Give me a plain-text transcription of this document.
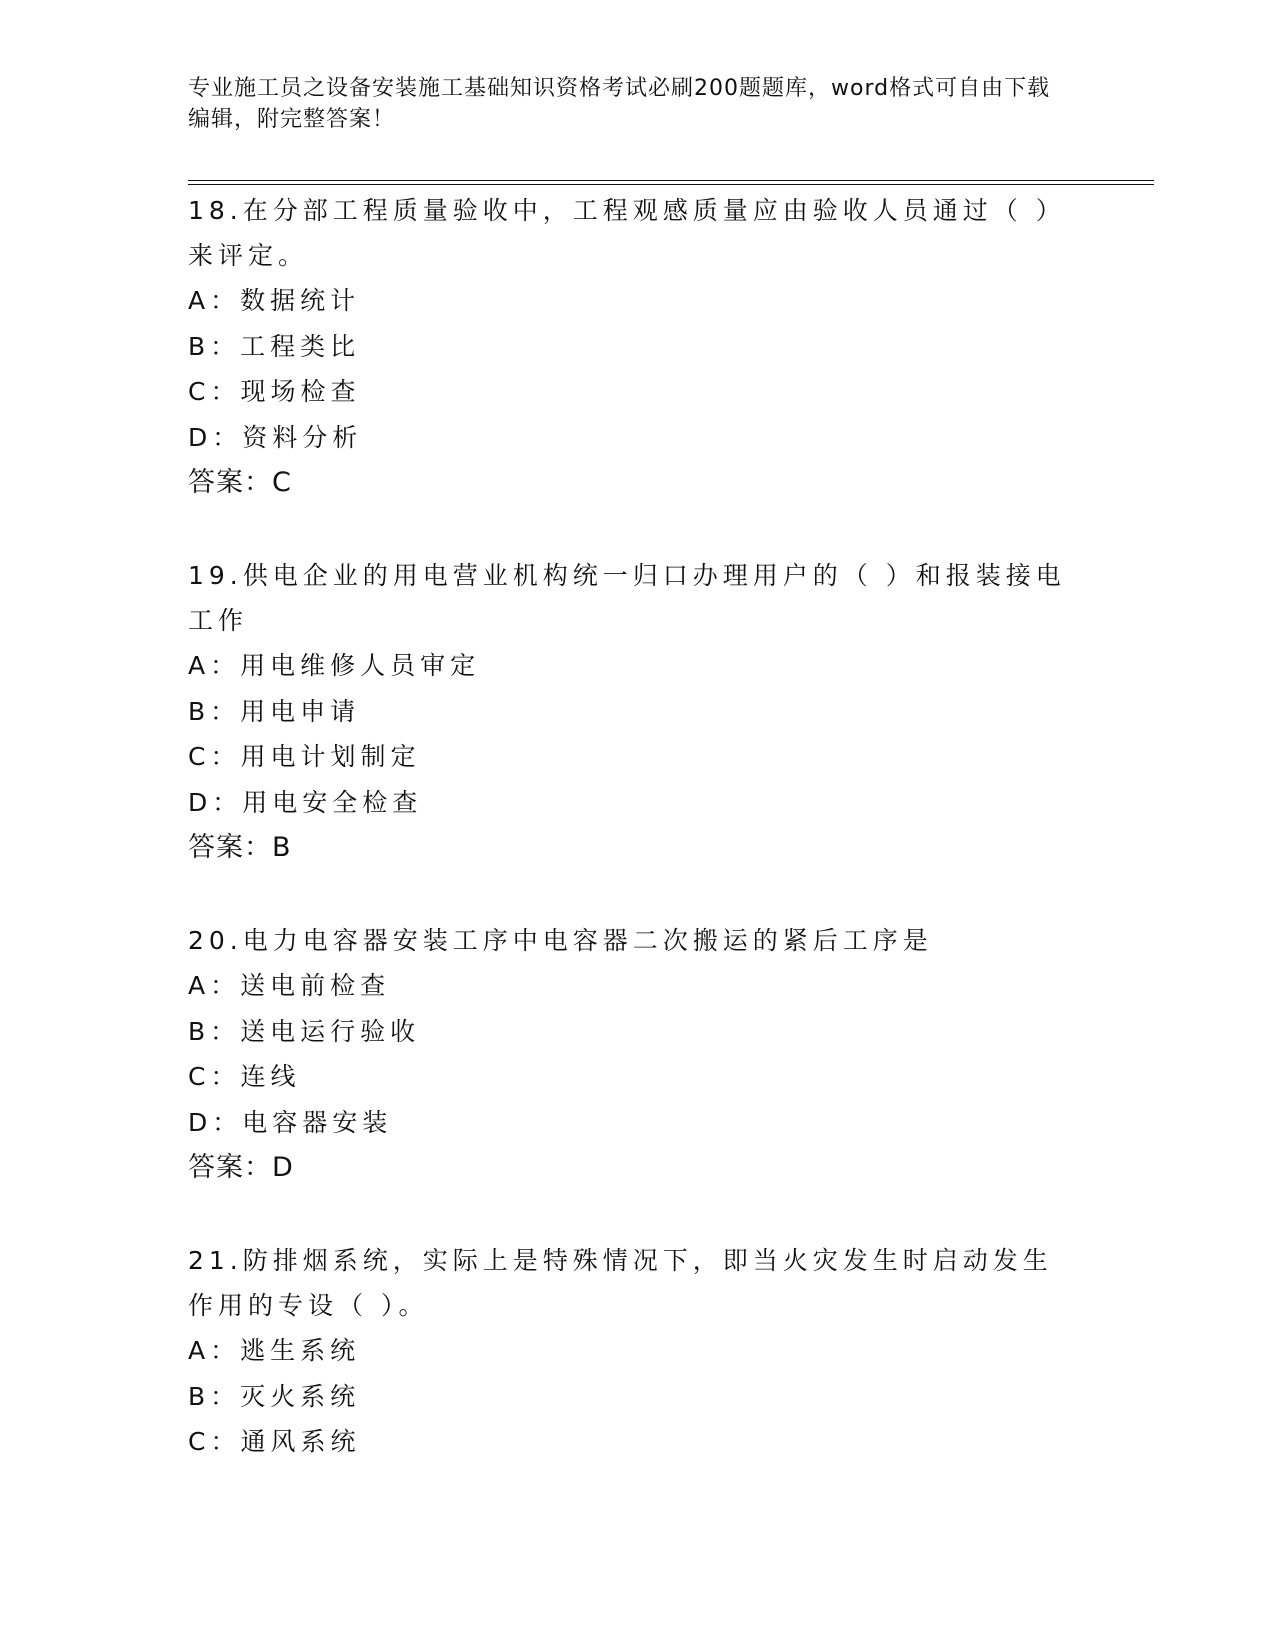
专业施工员之设备安装施工基础知识资格考试必刷200题题库，word格式可自由下载编辑，附完整答案！

18.在分部工程质量验收中，工程观感质量应由验收人员通过（ ）来评定。

A：数据统计

B：工程类比

C：现场检查

D：资料分析

答案：C

19.供电企业的用电营业机构统一归口办理用户的（ ）和报装接电工作

A：用电维修人员审定

B：用电申请

C：用电计划制定

D：用电安全检查

答案：B

20.电力电容器安装工序中电容器二次搬运的紧后工序是

A：送电前检查

B：送电运行验收

C：连线

D：电容器安装

答案：D

21.防排烟系统，实际上是特殊情况下，即当火灾发生时启动发生作用的专设（ ）。

A：逃生系统

B：灭火系统

C：通风系统
